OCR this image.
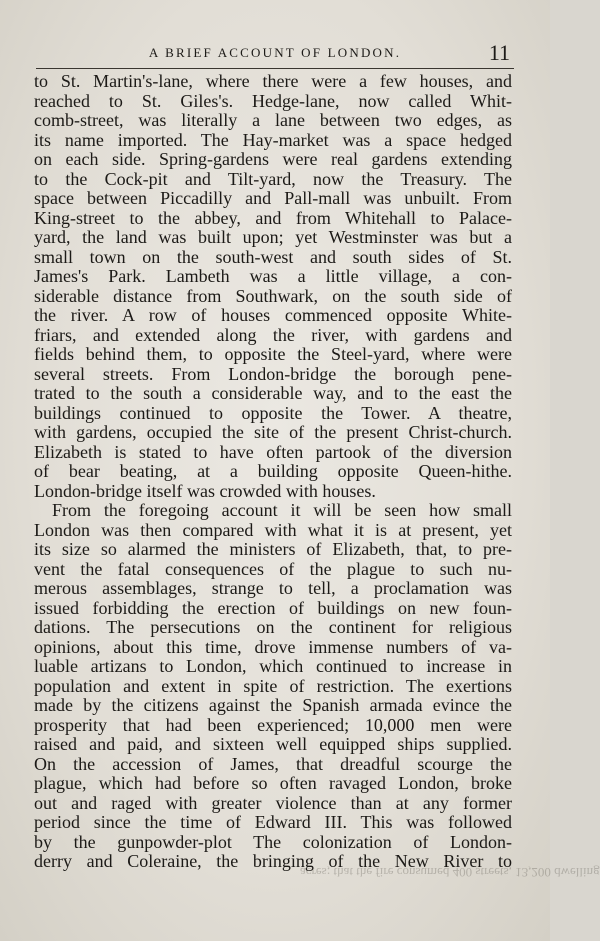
A BRIEF ACCOUNT OF LONDON.	11
to St. Martin's-lane, where there were a few houses, and
reached to St. Giles's. Hedge-lane, now called Whit-
comb-street, was literally a lane between two edges, as
its name imported. The Hay-market was a space hedged
on each side. Spring-gardens were real gardens extending
to the Cock-pit and Tilt-yard, now the Treasury. The
space between Piccadilly and Pall-mall was unbuilt. From
King-street to the abbey, and from Whitehall to Palace-
yard, the land was built upon; yet Westminster was but a
small town on the south-west and south sides of St.
James's Park. Lambeth was a little village, a con-
siderable distance from Southwark, on the south side of
the river. A row of houses commenced opposite White-
friars, and extended along the river, with gardens and
fields behind them, to opposite the Steel-yard, where were
several streets. From London-bridge the borough pene-
trated to the south a considerable way, and to the east the
buildings continued to opposite the Tower. A theatre,
with gardens, occupied the site of the present Christ-church.
Elizabeth is stated to have often partook of the diversion
of bear beating, at a building opposite Queen-hithe.
London-bridge itself was crowded with houses.
From the foregoing account it will be seen how small
London was then compared with what it is at present, yet
its size so alarmed the ministers of Elizabeth, that, to pre-
vent the fatal consequences of the plague to such nu-
merous assemblages, strange to tell, a proclamation was
issued forbidding the erection of buildings on new foun-
dations. The persecutions on the continent for religious
opinions, about this time, drove immense numbers of va-
luable artizans to London, which continued to increase in
population and extent in spite of restriction. The exertions
made by the citizens against the Spanish armada evince the
prosperity that had been experienced; 10,000 men were
raised and paid, and sixteen well equipped ships supplied.
On the accession of James, that dreadful scourge the
plague, which had before so often ravaged London, broke
out and raged with greater violence than at any former
period since the time of Edward III. This was followed
by the gunpowder-plot The colonization of London-
derry and Coleraine, the bringing of the New River to
acres; that the fire consumed 400 streets, 13,200 dwelling
